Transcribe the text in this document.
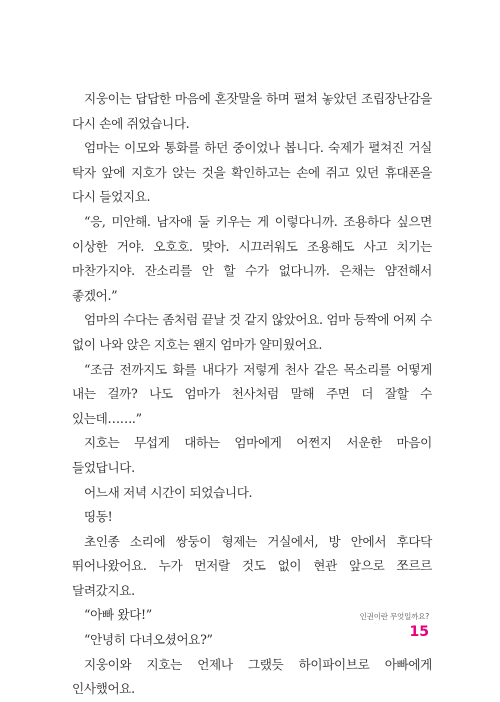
지웅이는 답답한 마음에 혼잣말을 하며 펼쳐 놓았던 조립장난감을 다시 손에 쥐었습니다.

엄마는 이모와 통화를 하던 중이었나 봅니다. 숙제가 펼쳐진 거실 탁자 앞에 지호가 앉는 것을 확인하고는 손에 쥐고 있던 휴대폰을 다시 들었지요.

“응, 미안해. 남자애 둘 키우는 게 이렇다니까. 조용하다 싶으면 이상한 거야. 오호호. 맞아. 시끄러워도 조용해도 사고 치기는 마찬가지야. 잔소리를 안 할 수가 없다니까. 은채는 얌전해서 좋겠어.”

엄마의 수다는 좀처럼 끝날 것 같지 않았어요. 엄마 등짝에 어찌 수 없이 나와 앉은 지호는 왠지 엄마가 얄미웠어요.

“조금 전까지도 화를 내다가 저렇게 천사 같은 목소리를 어떻게 내는 걸까? 나도 엄마가 천사처럼 말해 주면 더 잘할 수 있는데…….”

지호는 무섭게 대하는 엄마에게 어쩐지 서운한 마음이 들었답니다.

어느새 저녁 시간이 되었습니다.

띵동!

초인종 소리에 쌍둥이 형제는 거실에서, 방 안에서 후다닥 뛰어나왔어요. 누가 먼저랄 것도 없이 현관 앞으로 쪼르르 달려갔지요.

“아빠 왔다!”

“안녕히 다녀오셨어요?”

지웅이와 지호는 언제나 그랬듯 하이파이브로 아빠에게 인사했어요.

인권이란 무엇일까요?
15
